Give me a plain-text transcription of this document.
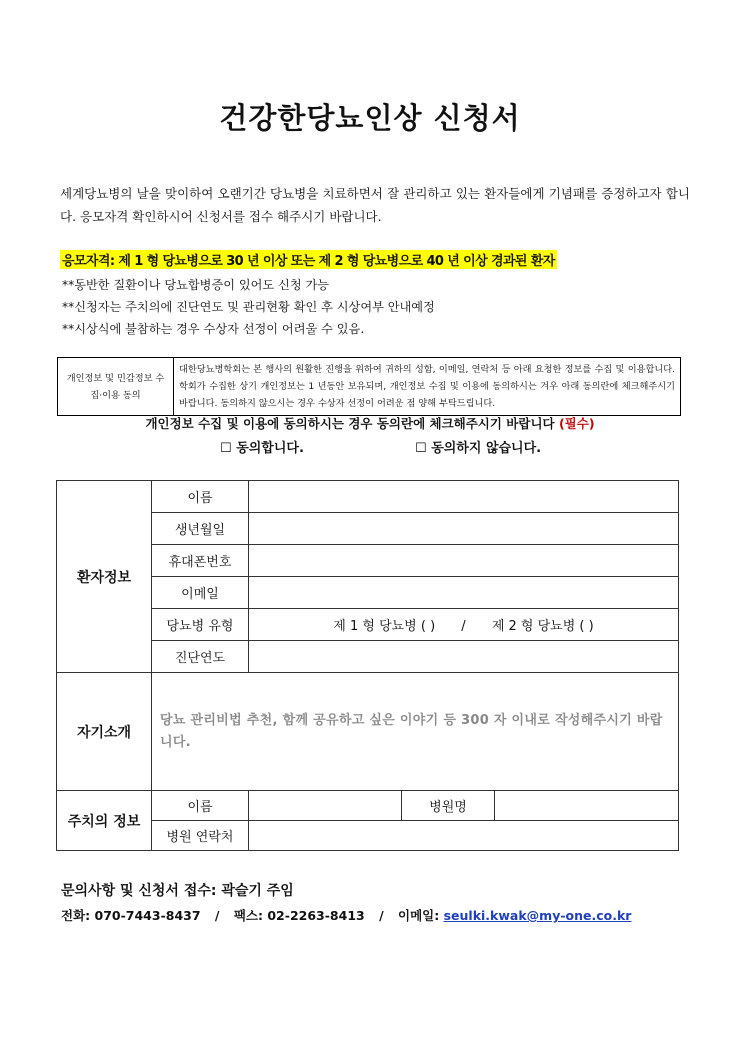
건강한당뇨인상 신청서
세계당뇨병의 날을 맞이하여 오랜기간 당뇨병을 치료하면서 잘 관리하고 있는 환자들에게 기념패를 증정하고자 합니다. 응모자격 확인하시어 신청서를 접수 해주시기 바랍니다.
응모자격: 제 1 형 당뇨병으로 30 년 이상 또는 제 2 형 당뇨병으로 40 년 이상 경과된 환자
**동반한 질환이나 당뇨합병증이 있어도 신청 가능
**신청자는 주치의에 진단연도 및 관리현황 확인 후 시상여부 안내예정
**시상식에 불참하는 경우 수상자 선정이 어려울 수 있음.
개인정보 및 민감정보 수집·이용 동의	대한당뇨병학회는 본 행사의 원활한 진행을 위하여 귀하의 성함, 이메일, 연락처 등 아래 요청한 정보를 수집 및 이용합니다. 학회가 수집한 상기 개인정보는 1 년동안 보유되며, 개인정보 수집 및 이용에 동의하시는 겨우 아래 동의란에 체크해주시기 바랍니다. 동의하지 않으시는 경우 수상자 선정이 어려운 점 양해 부탁드립니다.
개인정보 수집 및 이용에 동의하시는 경우 동의란에 체크해주시기 바랍니다 (필수)
☐ 동의합니다.	☐ 동의하지 않습니다.
환자정보	이름			
	생년월일			
	휴대폰번호			
	이메일			
	당뇨병 유형	제 1 형 당뇨병 ( ) / 제 2 형 당뇨병 ( )		
	진단연도			
자기소개	당뇨 관리비법 추천, 함께 공유하고 싶은 이야기 등 300 자 이내로 작성해주시기 바랍니다.			
주치의 정보	이름		병원명	
	병원 연락처			
문의사항 및 신청서 접수: 곽슬기 주임
전화: 070-7443-8437 / 팩스: 02-2263-8413 / 이메일: seulki.kwak@my-one.co.kr
